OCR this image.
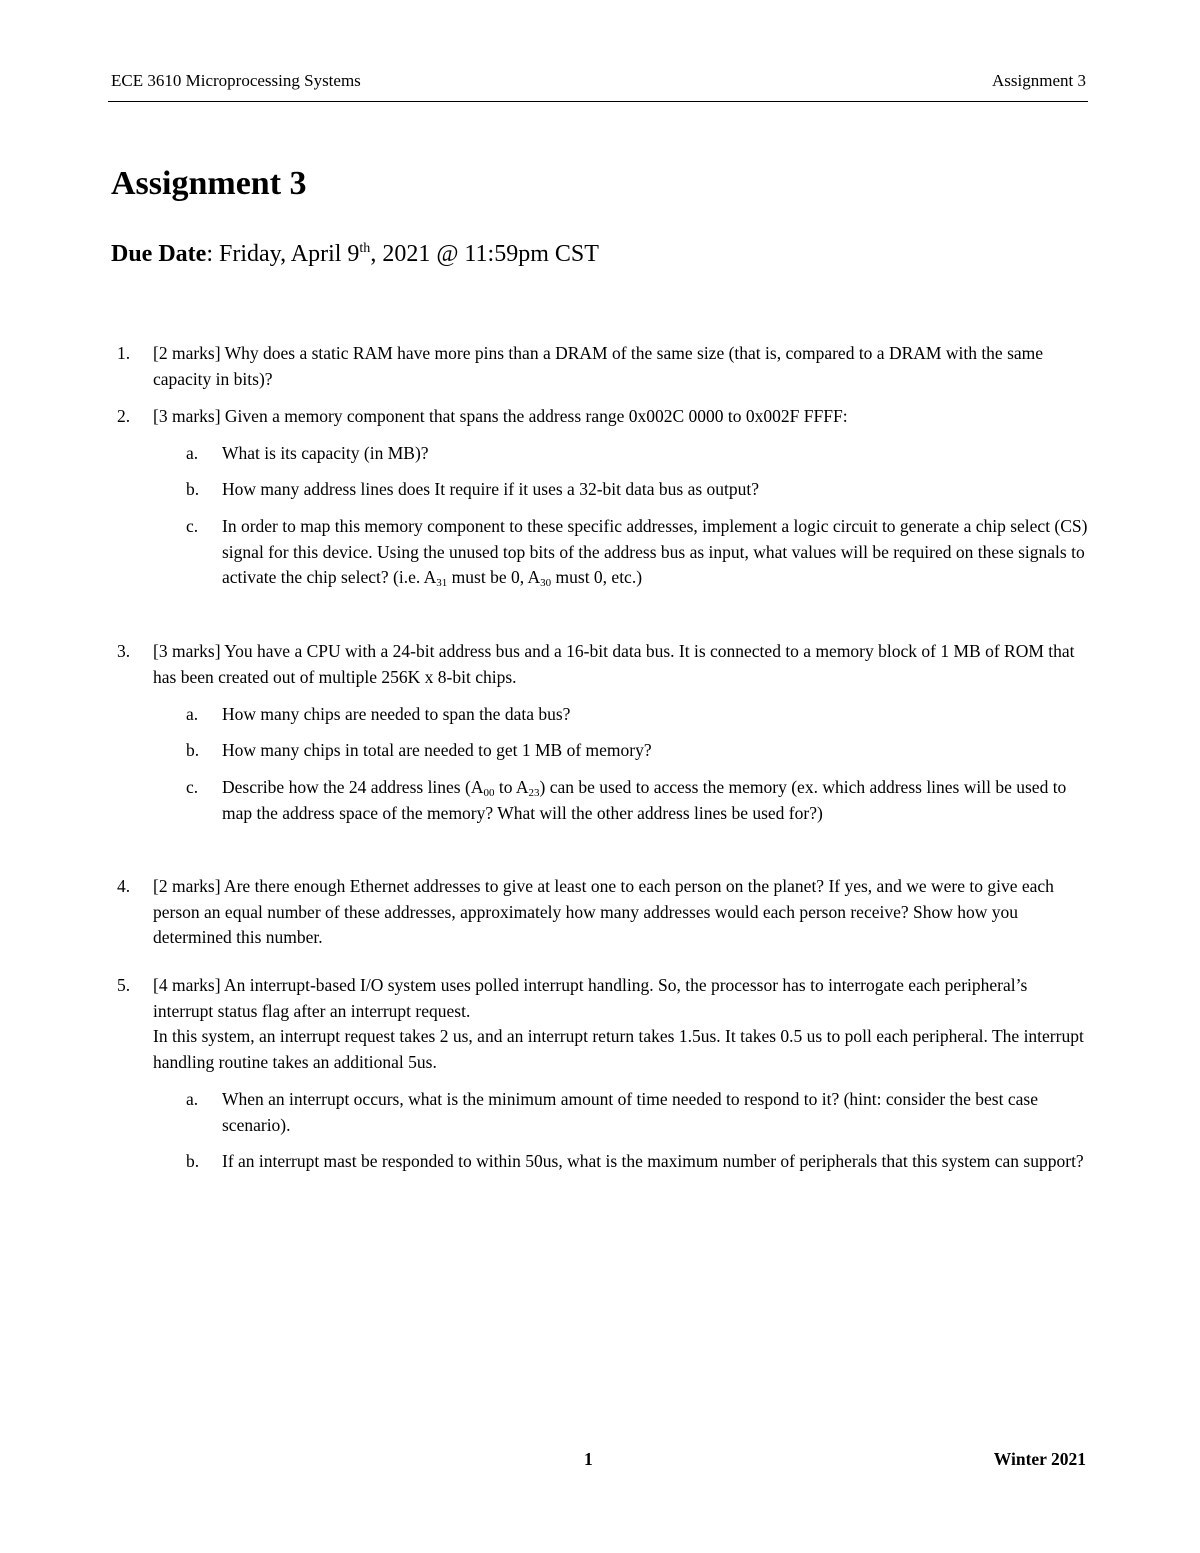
ECE 3610 Microprocessing Systems	Assignment 3
Assignment 3
Due Date: Friday, April 9th, 2021 @ 11:59pm CST
1. [2 marks] Why does a static RAM have more pins than a DRAM of the same size (that is, compared to a DRAM with the same capacity in bits)?
2. [3 marks] Given a memory component that spans the address range 0x002C 0000 to 0x002F FFFF:
a. What is its capacity (in MB)?
b. How many address lines does It require if it uses a 32-bit data bus as output?
c. In order to map this memory component to these specific addresses, implement a logic circuit to generate a chip select (CS) signal for this device. Using the unused top bits of the address bus as input, what values will be required on these signals to activate the chip select? (i.e. $A_{31}$ must be 0, $A_{30}$ must 0, etc.)
3. [3 marks] You have a CPU with a 24-bit address bus and a 16-bit data bus. It is connected to a memory block of 1 MB of ROM that has been created out of multiple 256K x 8-bit chips.
a. How many chips are needed to span the data bus?
b. How many chips in total are needed to get 1 MB of memory?
c. Describe how the 24 address lines ($A_{00}$ to $A_{23}$) can be used to access the memory (ex. which address lines will be used to map the address space of the memory? What will the other address lines be used for?)
4. [2 marks] Are there enough Ethernet addresses to give at least one to each person on the planet? If yes, and we were to give each person an equal number of these addresses, approximately how many addresses would each person receive? Show how you determined this number.
5. [4 marks] An interrupt-based I/O system uses polled interrupt handling. So, the processor has to interrogate each peripheral’s interrupt status flag after an interrupt request.
In this system, an interrupt request takes 2 us, and an interrupt return takes 1.5us. It takes 0.5 us to poll each peripheral. The interrupt handling routine takes an additional 5us.
a. When an interrupt occurs, what is the minimum amount of time needed to respond to it? (hint: consider the best case scenario).
b. If an interrupt mast be responded to within 50us, what is the maximum number of peripherals that this system can support?
1	Winter 2021
